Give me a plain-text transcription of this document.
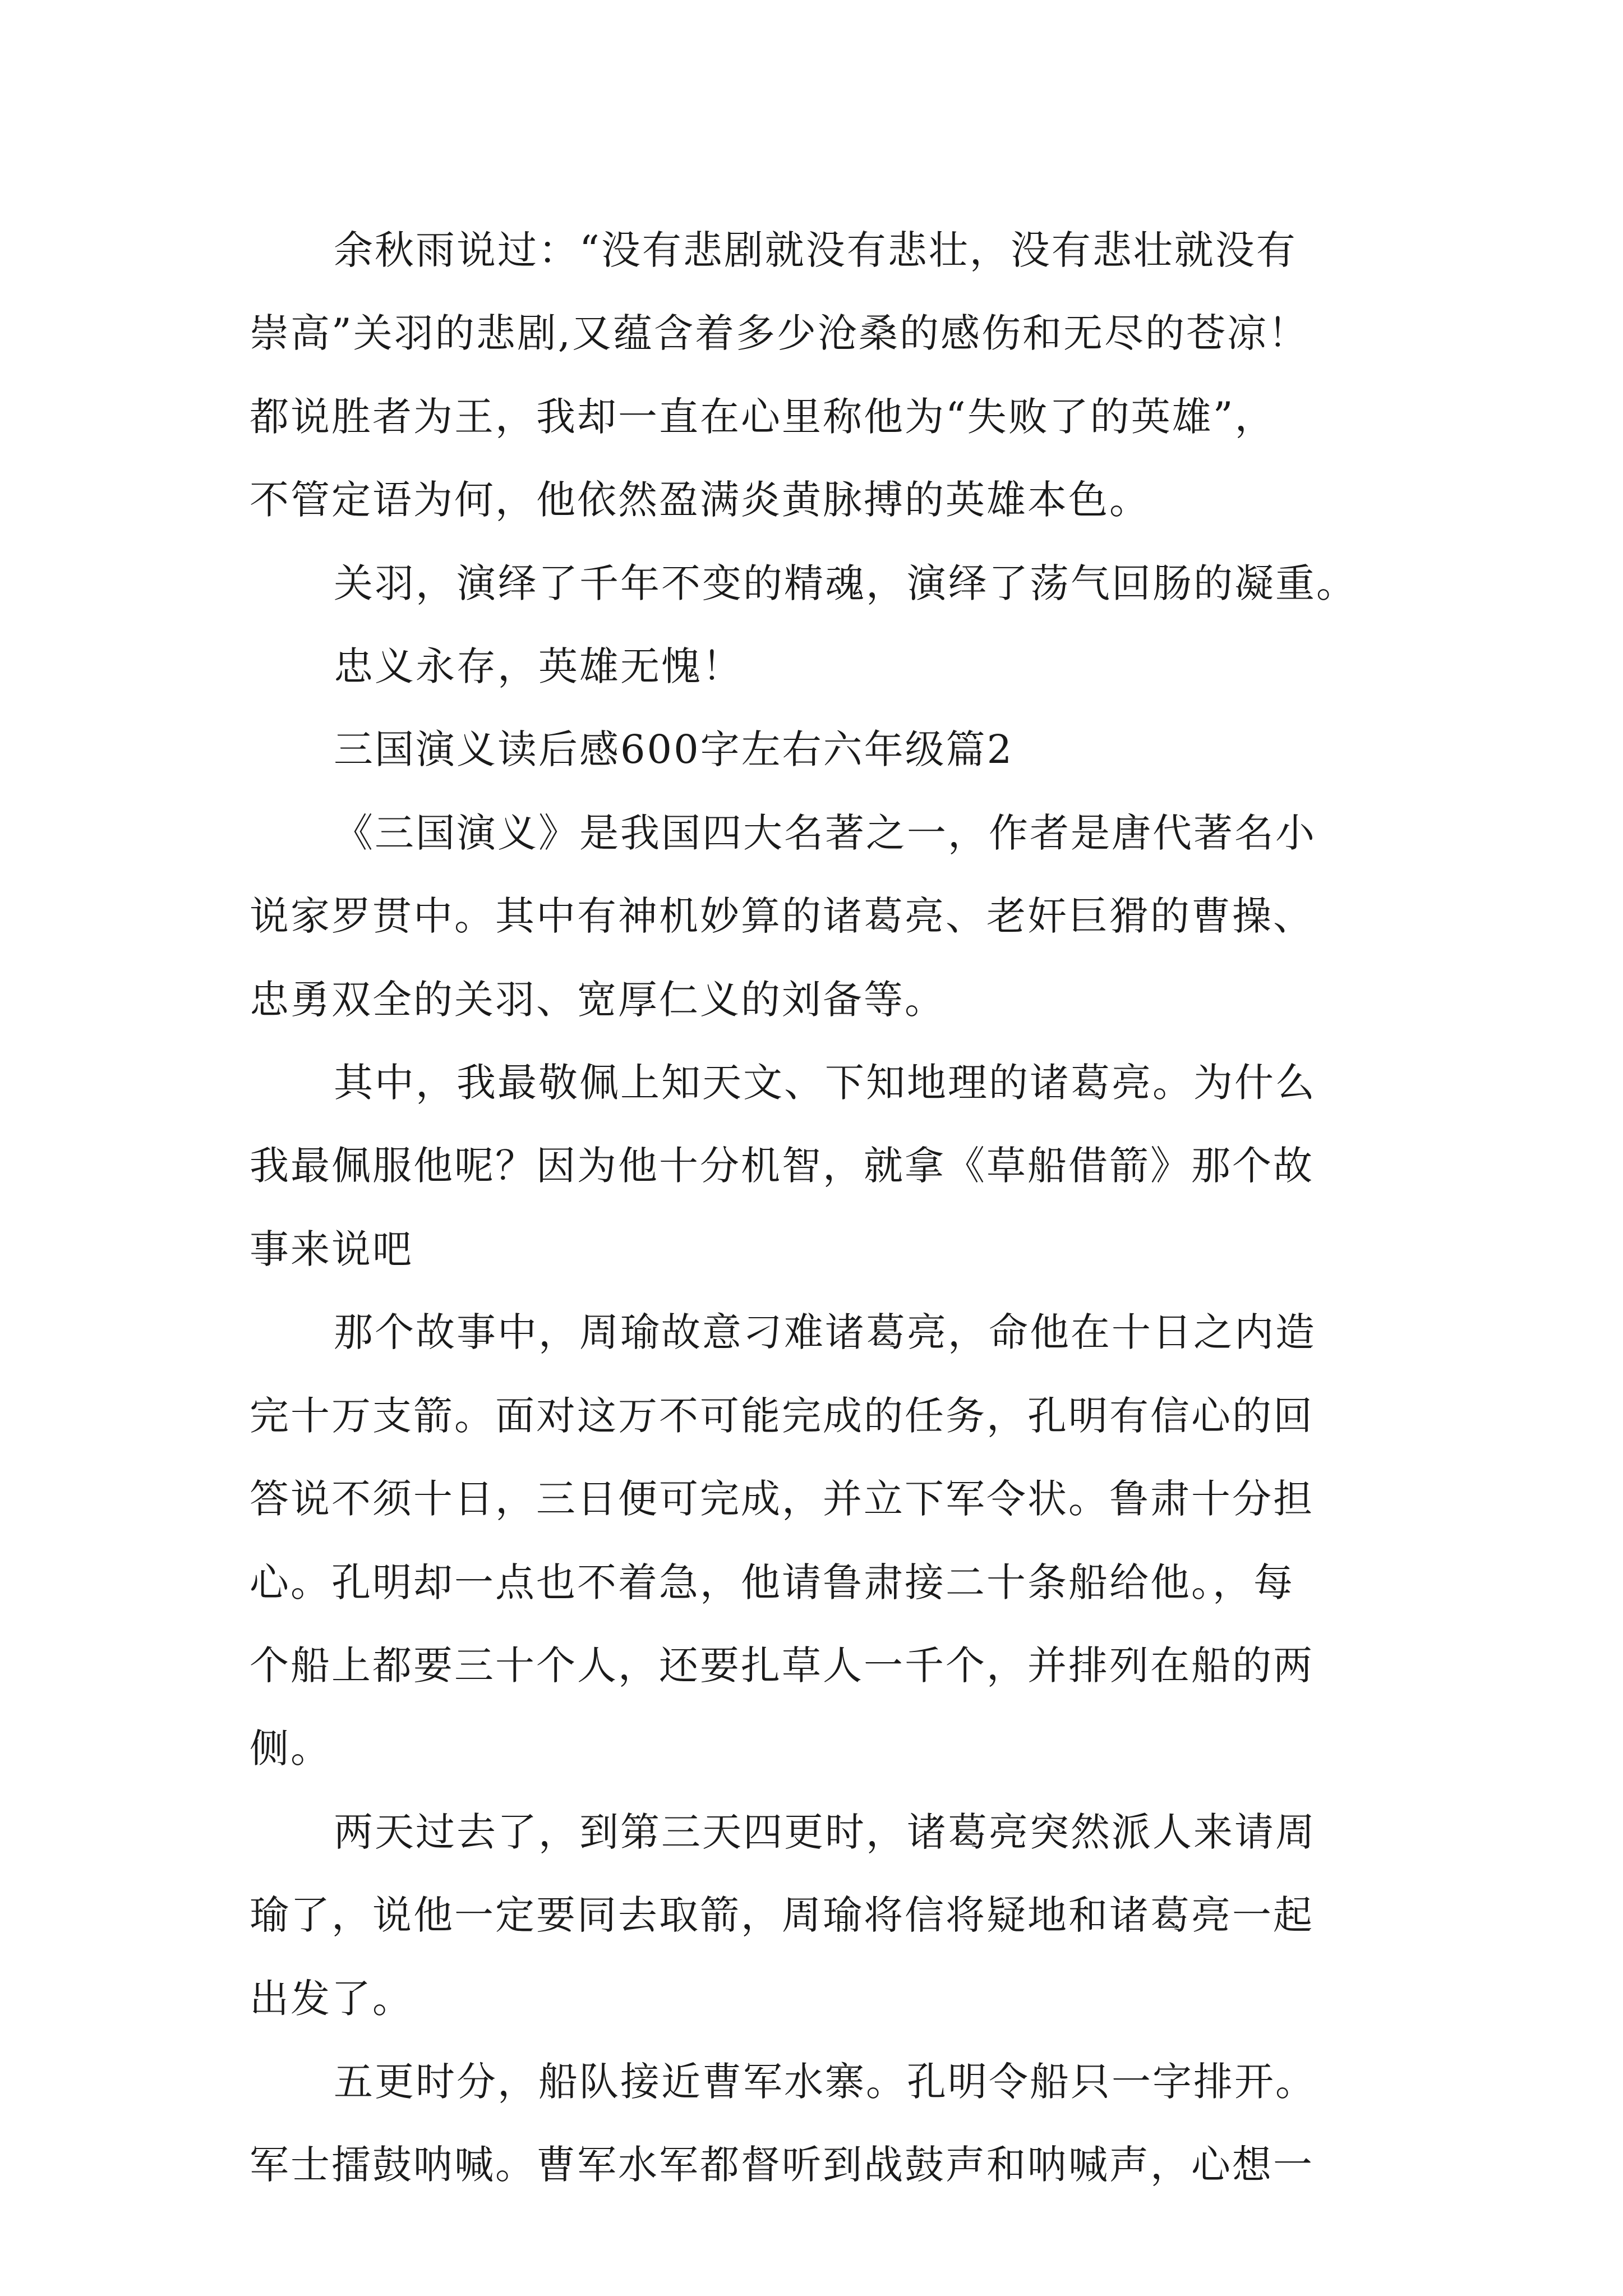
余秋雨说过：“没有悲剧就没有悲壮，没有悲壮就没有
崇高”关羽的悲剧,又蕴含着多少沧桑的感伤和无尽的苍凉！
都说胜者为王，我却一直在心里称他为“失败了的英雄”，
不管定语为何，他依然盈满炎黄脉搏的英雄本色。

关羽，演绎了千年不变的精魂，演绎了荡气回肠的凝重。

忠义永存，英雄无愧！

三国演义读后感600字左右六年级篇2

《三国演义》是我国四大名著之一，作者是唐代著名小
说家罗贯中。其中有神机妙算的诸葛亮、老奸巨猾的曹操、
忠勇双全的关羽、宽厚仁义的刘备等。

其中，我最敬佩上知天文、下知地理的诸葛亮。为什么
我最佩服他呢？因为他十分机智，就拿《草船借箭》那个故
事来说吧

那个故事中，周瑜故意刁难诸葛亮，命他在十日之内造
完十万支箭。面对这万不可能完成的任务，孔明有信心的回
答说不须十日，三日便可完成，并立下军令状。鲁肃十分担
心。孔明却一点也不着急，他请鲁肃接二十条船给他。，每
个船上都要三十个人，还要扎草人一千个，并排列在船的两
侧。

两天过去了，到第三天四更时，诸葛亮突然派人来请周
瑜了，说他一定要同去取箭，周瑜将信将疑地和诸葛亮一起
出发了。

五更时分，船队接近曹军水寨。孔明令船只一字排开。
军士擂鼓呐喊。曹军水军都督听到战鼓声和呐喊声，心想一
